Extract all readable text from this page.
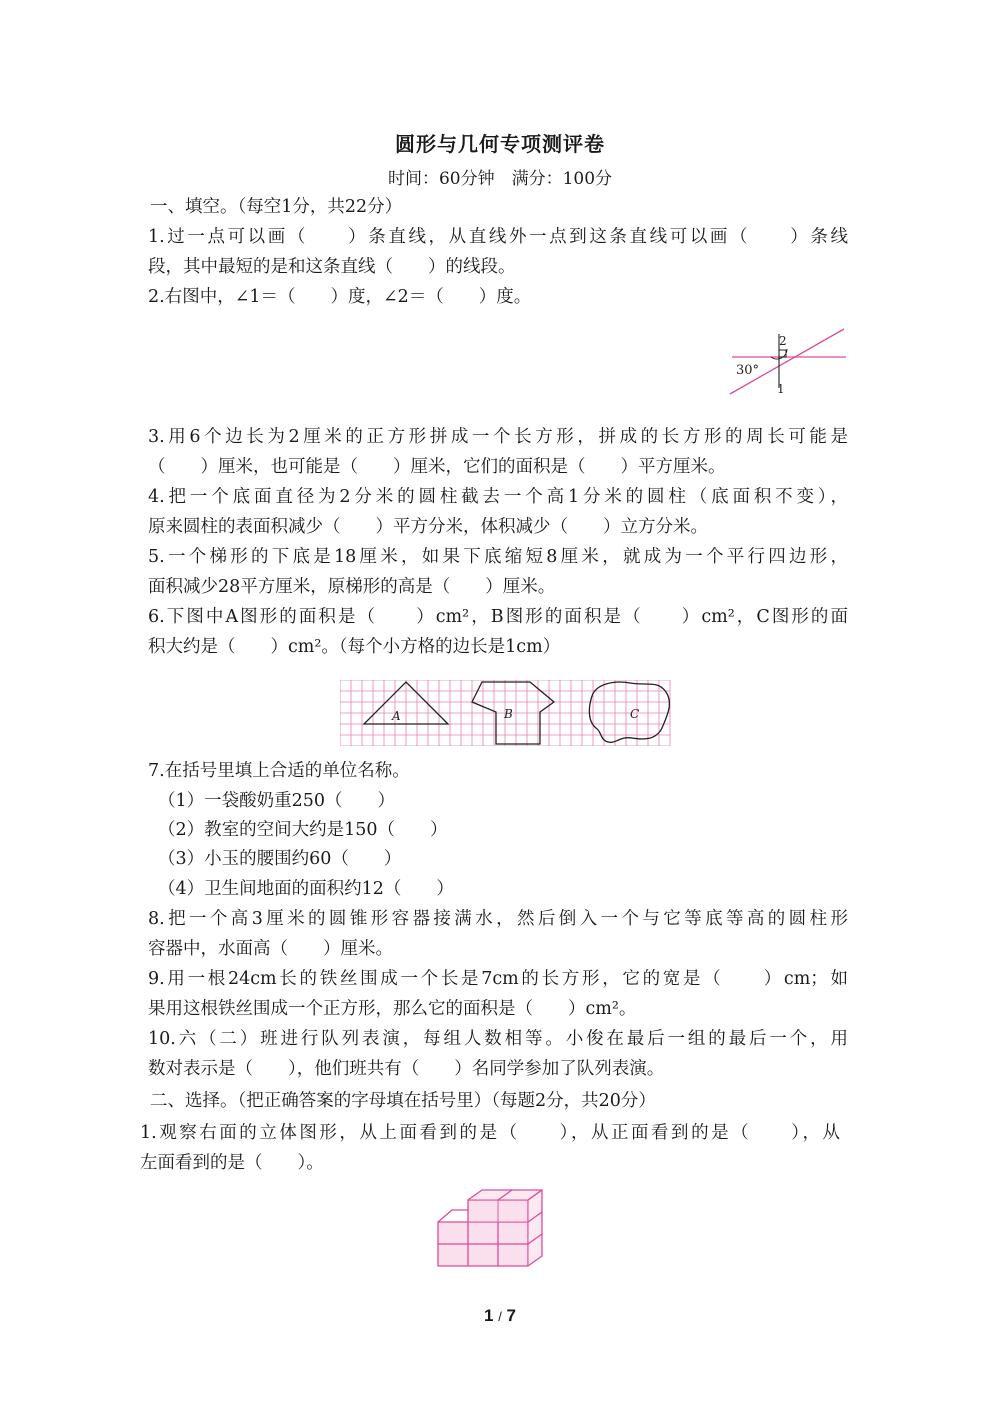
圆形与几何专项测评卷
时间：60分钟　满分：100分
一、填空。（每空1分，共22分）
1.过一点可以画（　　）条直线，从直线外一点到这条直线可以画（　　）条线
段，其中最短的是和这条直线（　　）的线段。
2.右图中，∠1＝（　　）度，∠2＝（　　）度。
30°
1
2
3.用6个边长为2厘米的正方形拼成一个长方形，拼成的长方形的周长可能是
（　　）厘米，也可能是（　　）厘米，它们的面积是（　　）平方厘米。
4.把一个底面直径为2分米的圆柱截去一个高1分米的圆柱（底面积不变），
原来圆柱的表面积减少（　　）平方分米，体积减少（　　）立方分米。
5.一个梯形的下底是18厘米，如果下底缩短8厘米，就成为一个平行四边形，
面积减少28平方厘米，原梯形的高是（　　）厘米。
6.下图中A图形的面积是（　　）cm²，B图形的面积是（　　）cm²，C图形的面
积大约是（　　）cm²。（每个小方格的边长是1cm）
A	B	C
7.在括号里填上合适的单位名称。
（1）一袋酸奶重250（　　）
（2）教室的空间大约是150（　　）
（3）小玉的腰围约60（　　）
（4）卫生间地面的面积约12（　　）
8.把一个高3厘米的圆锥形容器接满水，然后倒入一个与它等底等高的圆柱形
容器中，水面高（　　）厘米。
9.用一根24cm长的铁丝围成一个长是7cm的长方形，它的宽是（　　）cm；如
果用这根铁丝围成一个正方形，那么它的面积是（　　）cm²。
10.六（二）班进行队列表演，每组人数相等。小俊在最后一组的最后一个，用
数对表示是（　　），他们班共有（　　）名同学参加了队列表演。
二、选择。（把正确答案的字母填在括号里）（每题2分，共20分）
1.观察右面的立体图形，从上面看到的是（　　），从正面看到的是（　　），从
左面看到的是（　　）。
1 / 7
